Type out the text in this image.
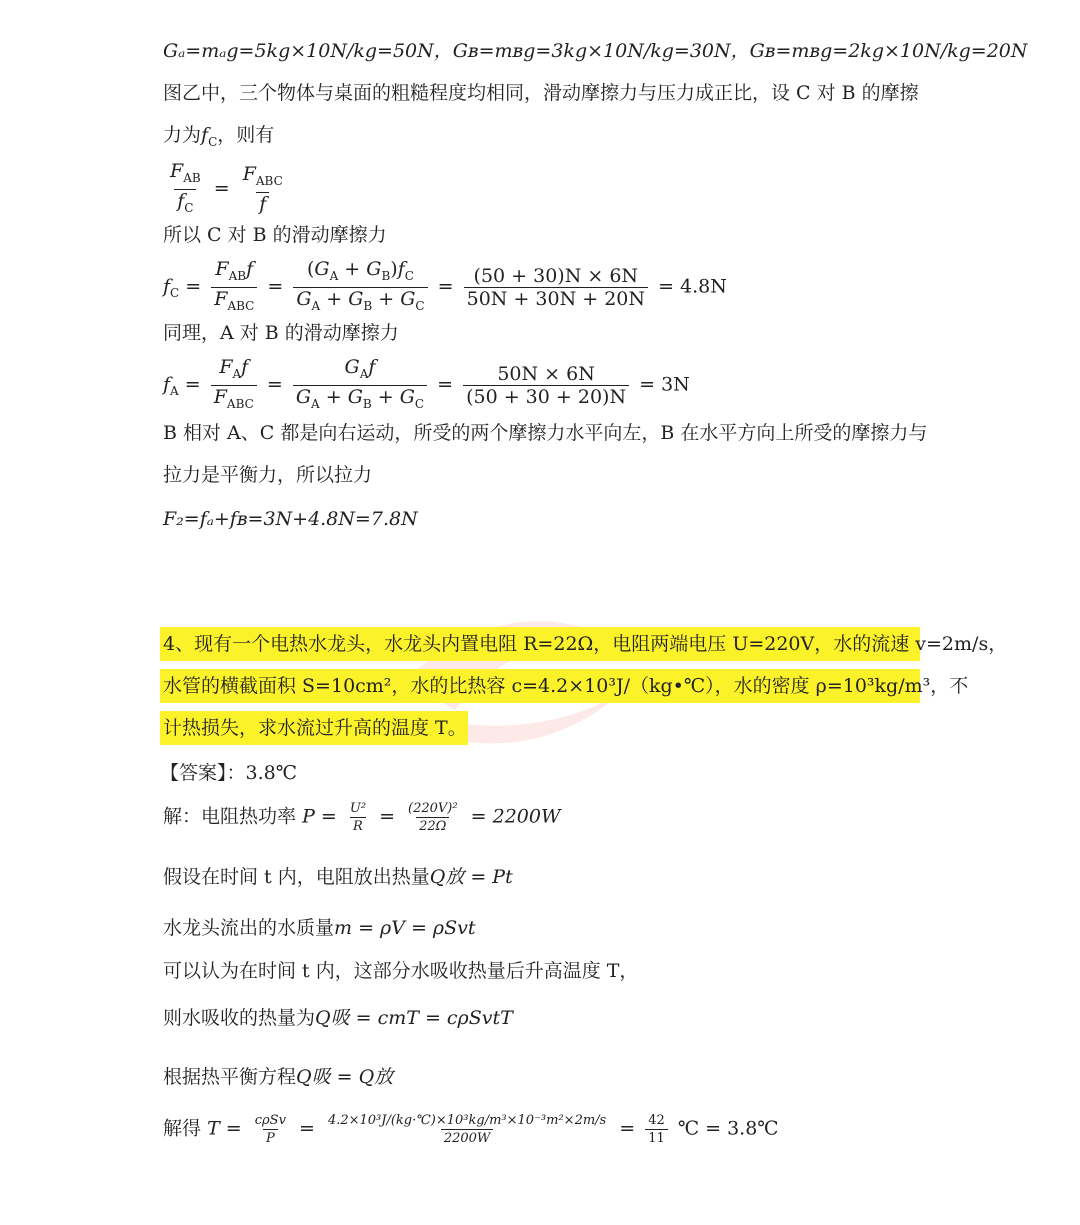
Gₐ=mₐg=5kg×10N/kg=50N，Gʙ=mʙg=3kg×10N/kg=30N，Gʙ=mʙg=2kg×10N/kg=20N
图乙中，三个物体与桌面的粗糙程度均相同，滑动摩擦力与压力成正比，设 C 对 B 的摩擦
力为$f_C$，则有
$\frac{F_{AB}}{f_C} = \frac{F_{ABC}}{f}$
所以 C 对 B 的滑动摩擦力
$f_C = \frac{F_{AB}f}{F_{ABC}} = \frac{(G_A + G_B)f_C}{G_A + G_B + G_C} = \frac{(50 + 30)N \times 6N}{50N + 30N + 20N} = 4.8N$
同理，A 对 B 的滑动摩擦力
$f_A = \frac{F_Af}{F_{ABC}} = \frac{G_Af}{G_A + G_B + G_C} = \frac{50N \times 6N}{(50 + 30 + 20)N} = 3N$
B 相对 A、C 都是向右运动，所受的两个摩擦力水平向左，B 在水平方向上所受的摩擦力与
拉力是平衡力，所以拉力
F₂=fₐ+fʙ=3N+4.8N=7.8N
4、现有一个电热水龙头，水龙头内置电阻 R=22Ω，电阻两端电压 U=220V，水的流速 v=2m/s，
水管的横截面积 S=10cm²，水的比热容 c=4.2×10³J/（kg•℃），水的密度 ρ=10³kg/m³，不
计热损失，求水流过升高的温度 T。
【答案】：3.8℃
解：电阻热功率 $P = \frac{\text{U²}}{R} = \frac{\text{(220V)²}}{22\Omega} = 2200W$
假设在时间 t 内，电阻放出热量Q放 = Pt
水龙头流出的水质量m = ρV = ρSvt
可以认为在时间 t 内，这部分水吸收热量后升高温度 T，
则水吸收的热量为Q吸 = cmT = cρSvtT
根据热平衡方程Q吸 = Q放
解得 $T = \frac{\text{cρSv}}{P} = \frac{\text{4.2×10³J/(kg·℃)×10³kg/m³×10⁻³m²×2m/s}}{2200W} = \frac{42}{11}$ ℃ = 3.8℃
